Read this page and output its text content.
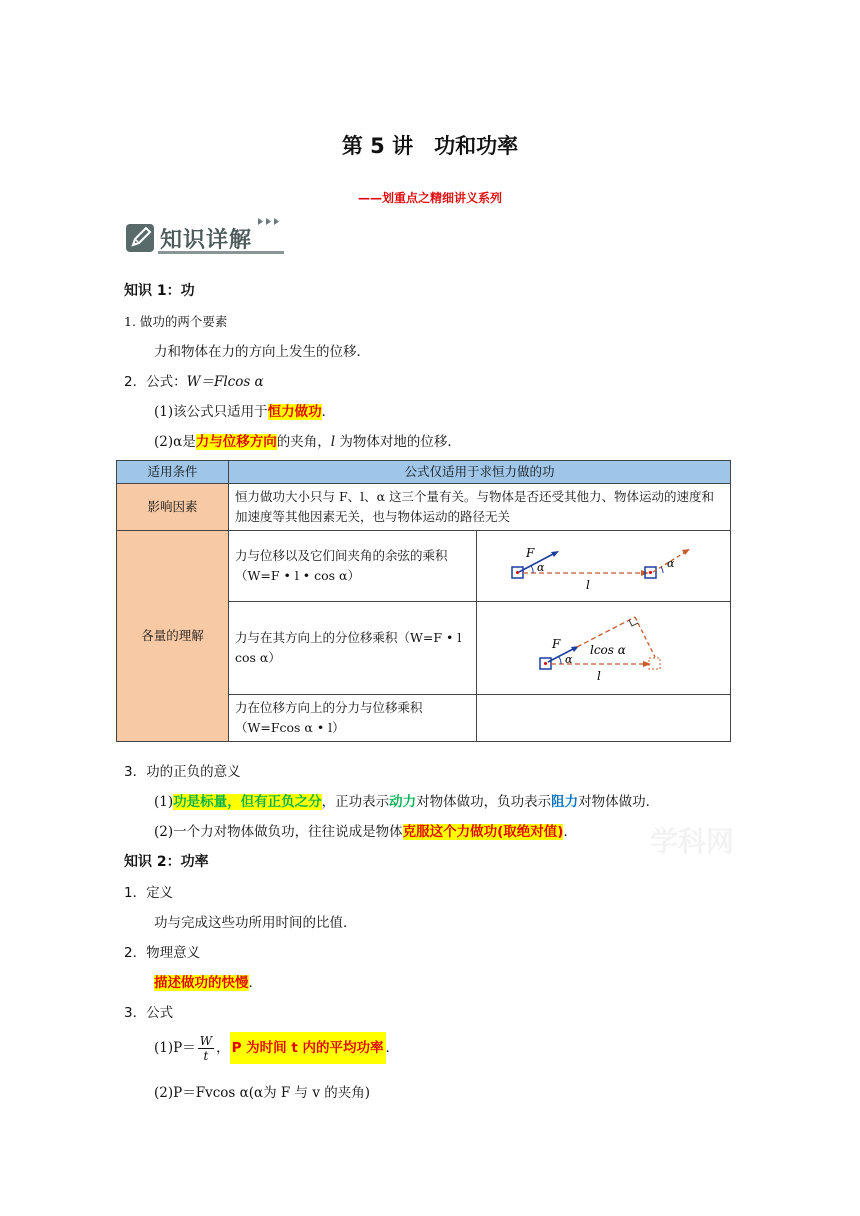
第 5 讲　功和功率
——划重点之精细讲义系列
知识详解
知识 1：功
1. 做功的两个要素
力和物体在力的方向上发生的位移．
2．公式：W＝Flcos α
(1)该公式只适用于恒力做功．
(2)α是力与位移方向的夹角，l 为物体对地的位移．
适用条件	公式仅适用于求恒力做的功	
影响因素	恒力做功大小只与 F、l、α 这三个量有关。与物体是否还受其他力、物体运动的速度和加速度等其他因素无关，也与物体运动的路径无关	
各量的理解	力与位移以及它们间夹角的余弦的乘积（W=F • l • cos α）	F
α α
l

	力与在其方向上的分位移乘积（W=F • l cos α）	F
α
lcos α
l

	力在位移方向上的分力与位移乘积（W=Fcos α • l）	
3．功的正负的意义
(1)功是标量，但有正负之分，正功表示动力对物体做功，负功表示阻力对物体做功．
(2)一个力对物体做负功，往往说成是物体克服这个力做功(取绝对值)．	学科网
知识 2：功率
1．定义
功与完成这些功所用时间的比值．
2．物理意义
描述做功的快慢．
3．公式
$(1)P= \frac{W}{t}$ ， P 为时间 t 内的平均功率 ．
(2)P＝Fvcos α(α为 F 与 v 的夹角)
